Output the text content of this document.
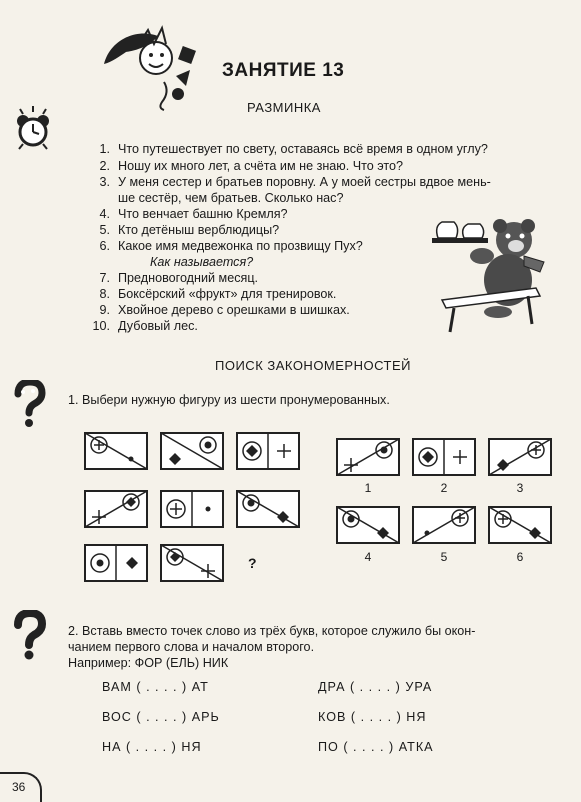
ЗАНЯТИЕ 13
РАЗМИНКА
1. Что путешествует по свету, оставаясь всё время в одном углу?
2. Ношу их много лет, а счёта им не знаю. Что это?
3. У меня сестер и братьев поровну. А у моей сестры вдвое мень-
ше сестёр, чем братьев. Сколько нас?
4. Что венчает башню Кремля?
5. Кто детёныш верблюдицы?
6. Какое имя медвежонка по прозвищу Пух?
Как называется?
7. Предновогодний месяц.
8. Боксёрский «фрукт» для тренировок.
9. Хвойное дерево с орешками в шишках.
10. Дубовый лес.
ПОИСК ЗАКОНОМЕРНОСТЕЙ
1. Выбери нужную фигуру из шести пронумерованных.
?
1	2	3
4	5	6
2. Вставь вместо точек слово из трёх букв, которое служило бы окон-
чанием первого слова и началом второго.
Например: ФОР (ЕЛЬ) НИК
ВАМ ( . . . . ) АТ	ДРА ( . . . . ) УРА
ВОС ( . . . . ) АРЬ	КОВ ( . . . . ) НЯ
НА ( . . . . ) НЯ	ПО ( . . . . ) АТКА
36
